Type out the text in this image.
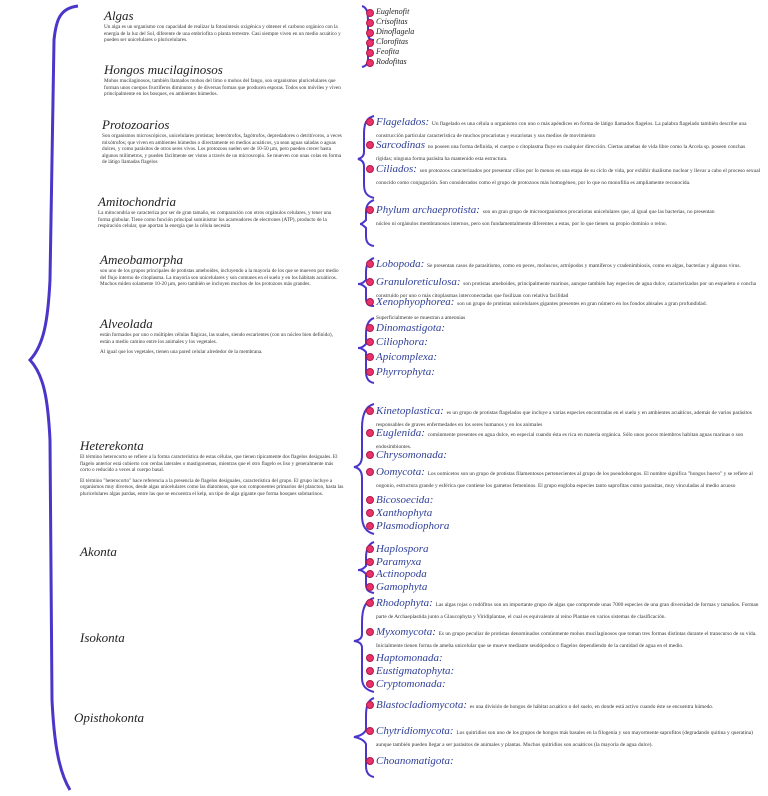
Algas
Un alga es un organismo con capacidad de realizar la fotosíntesis oxigénica y obtener el carbono orgánico con la energía de la luz del Sol, diferente de una embriofita o planta terrestre. Casi siempre viven en un medio acuático y pueden ser unicelulares o pluricelulares.
Hongos mucilaginosos
Mohos mucilaginosos, también llamados mohos del limo o mohos del fango, son organismos pluricelulares que forman unos cuerpos fructíferos diminutos y de diversas formas que producen esporas. Todos son móviles y viven principalmente en los bosques, en ambientes húmedos.
Protozoarios
Son organismos microscópicos, unicelulares protistas; heterótrofos, fagótrofos, depredadores o detritívoros, a veces mixótrofos; que viven en ambientes húmedos o directamente en medios acuáticos, ya sean aguas saladas o aguas dulces, y como parásitos de otros seres vivos. Los protozoos suelen ser de 10-50 µm, pero pueden crecer hasta algunos milímetros, y pueden fácilmente ser vistos a través de un microscopio. Se mueven con unas colas en forma de látigo llamadas flagelos
Amitochondria
La mitocondria se caracteriza por ser de gran tamaño, en comparación con otros orgánulos celulares, y tener una forma globular. Tiene como función principal suministrar los acarreadores de electrones (ATP), producto de la respiración celular, que aportan la energía que la célula necesita
Ameobamorpha
son uno de los grupos principales de protistas ameboides, incluyendo a la mayoría de los que se mueven por medio del flujo interno de citoplasma. La mayoría son unicelulares y son comunes en el suelo y en los hábitats acuáticos. Muchos miden solamente 10-20 µm, pero también se incluyen muchos de los protozoos más grandes.
Alveolada
están formados por uno o múltiples células flágicas, las suales, siendo escarientes (con un núcleo bien definido), están a medio camino entre los animales y los vegetales.
Al igual que los vegetales, tienen una pared celular alrededor de la membrana.
Heterekonta
El término heterocorto se refiere a la forma característica de estas células, que tienen típicamente dos flagelos desiguales. El flagelo anterior está cubierto con cerdas laterales o mastigonemas, mientras que el otro flagelo es liso y generalmente más corto o reducido a veces al cuerpo basal.
El término "heterocorto" hace referencia a la presencia de flagelos desiguales, característica del grupo. El grupo incluye a organismos muy diversos, desde algas unicelulares como las diatomeas, que son componentes primarios del plancton, hasta las pluricelulares algas pardas, entre las que se encuentra el kelp, un tipo de alga gigante que forma bosques submarinos.
Akonta
Isokonta
Opisthokonta
Euglenofit
Crisofitas
Dinoflagela
Clorofitas
Feofita
Rodofitas
Flagelados: Un flagelado es una célula u organismo con uno o más apéndices en forma de látigo llamados flagelos. La palabra flagelado también describe una construcción particular característica de muchos procariotas y eucariotas y sus medios de movimiento
Sarcodinas no poseen una forma definida, el cuerpo o citoplasma fluye en cualquier dirección. Ciertas amebas de vida libre como la Arcela sp. poseen conchas rígidas; ninguna forma parásita ha mantenido esta estructura.
Ciliados: son protozoos caracterizados por presentar cilios por lo menos en una etapa de su ciclo de vida, por exhibir dualismo nuclear y llevar a cabo el proceso sexual conocido como conjugación. Son considerados como el grupo de protozoos más homogéneo, por lo que no monofilia es ampliamente reconocida.
Phylum archaeprotista: son un gran grupo de microorganismos procariotas unicelulares que, al igual que las bacterias, no presentan núcleo ni orgánulos membranosos internos, pero son fundamentalmente diferentes a estas, por lo que tienen su propio dominio o reino.
Lobopoda: Se presentan casos de parasitismo, como en peces, moluscos, artrópodos y mamíferos y cradenimbiosis, como en algas, bacterias y algunos virus.
Granuloreticulosa: son protistas ameboides, principalmente marinos, aunque también hay especies de agua dulce, caracterizados por un esqueleto o concha construido por uno o más citoplasmas interconectadas que fosilizan con relativa facilidad
Xenophyophorea: son un grupo de protistas unicelulares gigantes presentes en gran número en los fondos abisales a gran profundidad.
Superficialmente se muestran a ameonias
Dinomastigota:
Ciliophora:
Apicomplexa:
Phyrrophyta:
Kinetoplastica: es un grupo de protistas flagelados que incluye a varias especies encontradas en el suelo y en ambientes acuáticos, además de varios parásitos responsables de graves enfermedades en los seres humanos y en los animales
Euglenida: comúnmente presentes en agua dulce, en especial cuando ésta es rica en materia orgánica. Sólo unos pocos miembros habitan aguas marinas o son endosimbiontes.
Chrysomonada:
Oomycota: Los oomicetos son un grupo de protistas filamentosos pertenecientes al grupo de los pseudohongos. El nombre significa "hongos huevo" y se refiere al oogonio, estructura grande y esférica que contiene los gametos femeninos. El grupo engloba especies tanto saprofitas como parasitas, muy vinculadas al medio acuoso
Bicosoecida:
Xanthophyta
Plasmodiophora
Haplospora
Paramyxa
Actinopoda
Gamophyta
Rhodophyta: Las algas rojas o rodófitos son un importante grupo de algas que comprende unas 7000 especies de una gran diversidad de formas y tamaños. Forman parte de Archaeplastida junto a Glaucophyta y Viridiplantae, el cual es equivalente al reino Plantae en varios sistemas de clasificación.
Myxomycota: Es un grupo peculiar de protistas denominados comúnmente mohos mucilaginosos que toman tres formas distintas durante el transcurso de su vida. Inicialmente tienen forma de ameba unicelular que se mueve mediante seudópodos o flagelos dependiendo de la cantidad de agua en el medio.
Haptomonada:
Eustigmatophyta:
Cryptomonada:
Blastocladiomycota: es una división de hongos de hábitat acuático o del suelo, en donde está activo cuando éste se encuentra húmedo.
Chytridiomycota: Los quitridios son uno de los grupos de hongos más basales en la filogenia y son mayormente saprofitos (degradando quitina y queratina) aunque también pueden llegar a ser parásitos de animales y plantas. Muchos quitridios son acuáticos (la mayoría de agua dulce).
Choanomatigota:
